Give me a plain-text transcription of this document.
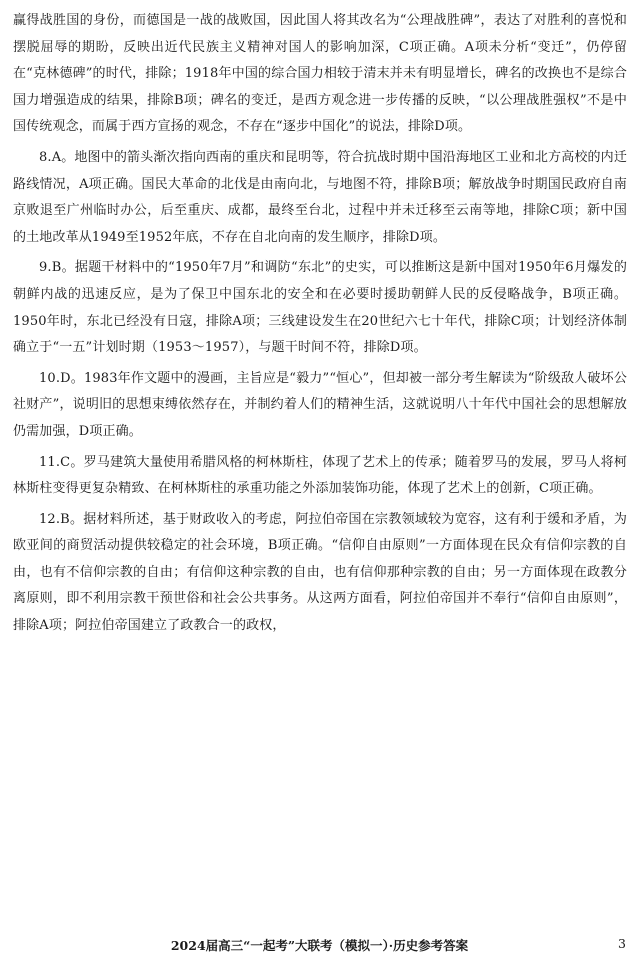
赢得战胜国的身份，而德国是一战的战败国，因此国人将其改名为“公理战胜碑”，表达了对胜利的喜悦和摆脱屈辱的期盼，反映出近代民族主义精神对国人的影响加深，C项正确。A项未分析“变迁”，仍停留在“克林德碑”的时代，排除；1918年中国的综合国力相较于清末并未有明显增长，碑名的改换也不是综合国力增强造成的结果，排除B项；碑名的变迁，是西方观念进一步传播的反映，“以公理战胜强权”不是中国传统观念，而属于西方宣扬的观念，不存在“逐步中国化”的说法，排除D项。

8.A。地图中的箭头渐次指向西南的重庆和昆明等，符合抗战时期中国沿海地区工业和北方高校的内迁路线情况，A项正确。国民大革命的北伐是由南向北，与地图不符，排除B项；解放战争时期国民政府自南京败退至广州临时办公，后至重庆、成都，最终至台北，过程中并未迁移至云南等地，排除C项；新中国的土地改革从1949至1952年底，不存在自北向南的发生顺序，排除D项。

9.B。据题干材料中的“1950年7月”和调防“东北”的史实，可以推断这是新中国对1950年6月爆发的朝鲜内战的迅速反应，是为了保卫中国东北的安全和在必要时援助朝鲜人民的反侵略战争，B项正确。1950年时，东北已经没有日寇，排除A项；三线建设发生在20世纪六七十年代，排除C项；计划经济体制确立于“一五”计划时期（1953～1957），与题干时间不符，排除D项。

10.D。1983年作文题中的漫画，主旨应是“毅力”“恒心”，但却被一部分考生解读为“阶级敌人破坏公社财产”，说明旧的思想束缚依然存在，并制约着人们的精神生活，这就说明八十年代中国社会的思想解放仍需加强，D项正确。

11.C。罗马建筑大量使用希腊风格的柯林斯柱，体现了艺术上的传承；随着罗马的发展，罗马人将柯林斯柱变得更复杂精致、在柯林斯柱的承重功能之外添加装饰功能，体现了艺术上的创新，C项正确。

12.B。据材料所述，基于财政收入的考虑，阿拉伯帝国在宗教领域较为宽容，这有利于缓和矛盾，为欧亚间的商贸活动提供较稳定的社会环境，B项正确。“信仰自由原则”一方面体现在民众有信仰宗教的自由，也有不信仰宗教的自由；有信仰这种宗教的自由，也有信仰那种宗教的自由；另一方面体现在政教分离原则，即不利用宗教干预世俗和社会公共事务。从这两方面看，阿拉伯帝国并不奉行“信仰自由原则”，排除A项；阿拉伯帝国建立了政教合一的政权，

2024届高三“一起考”大联考（模拟一）·历史参考答案	3
